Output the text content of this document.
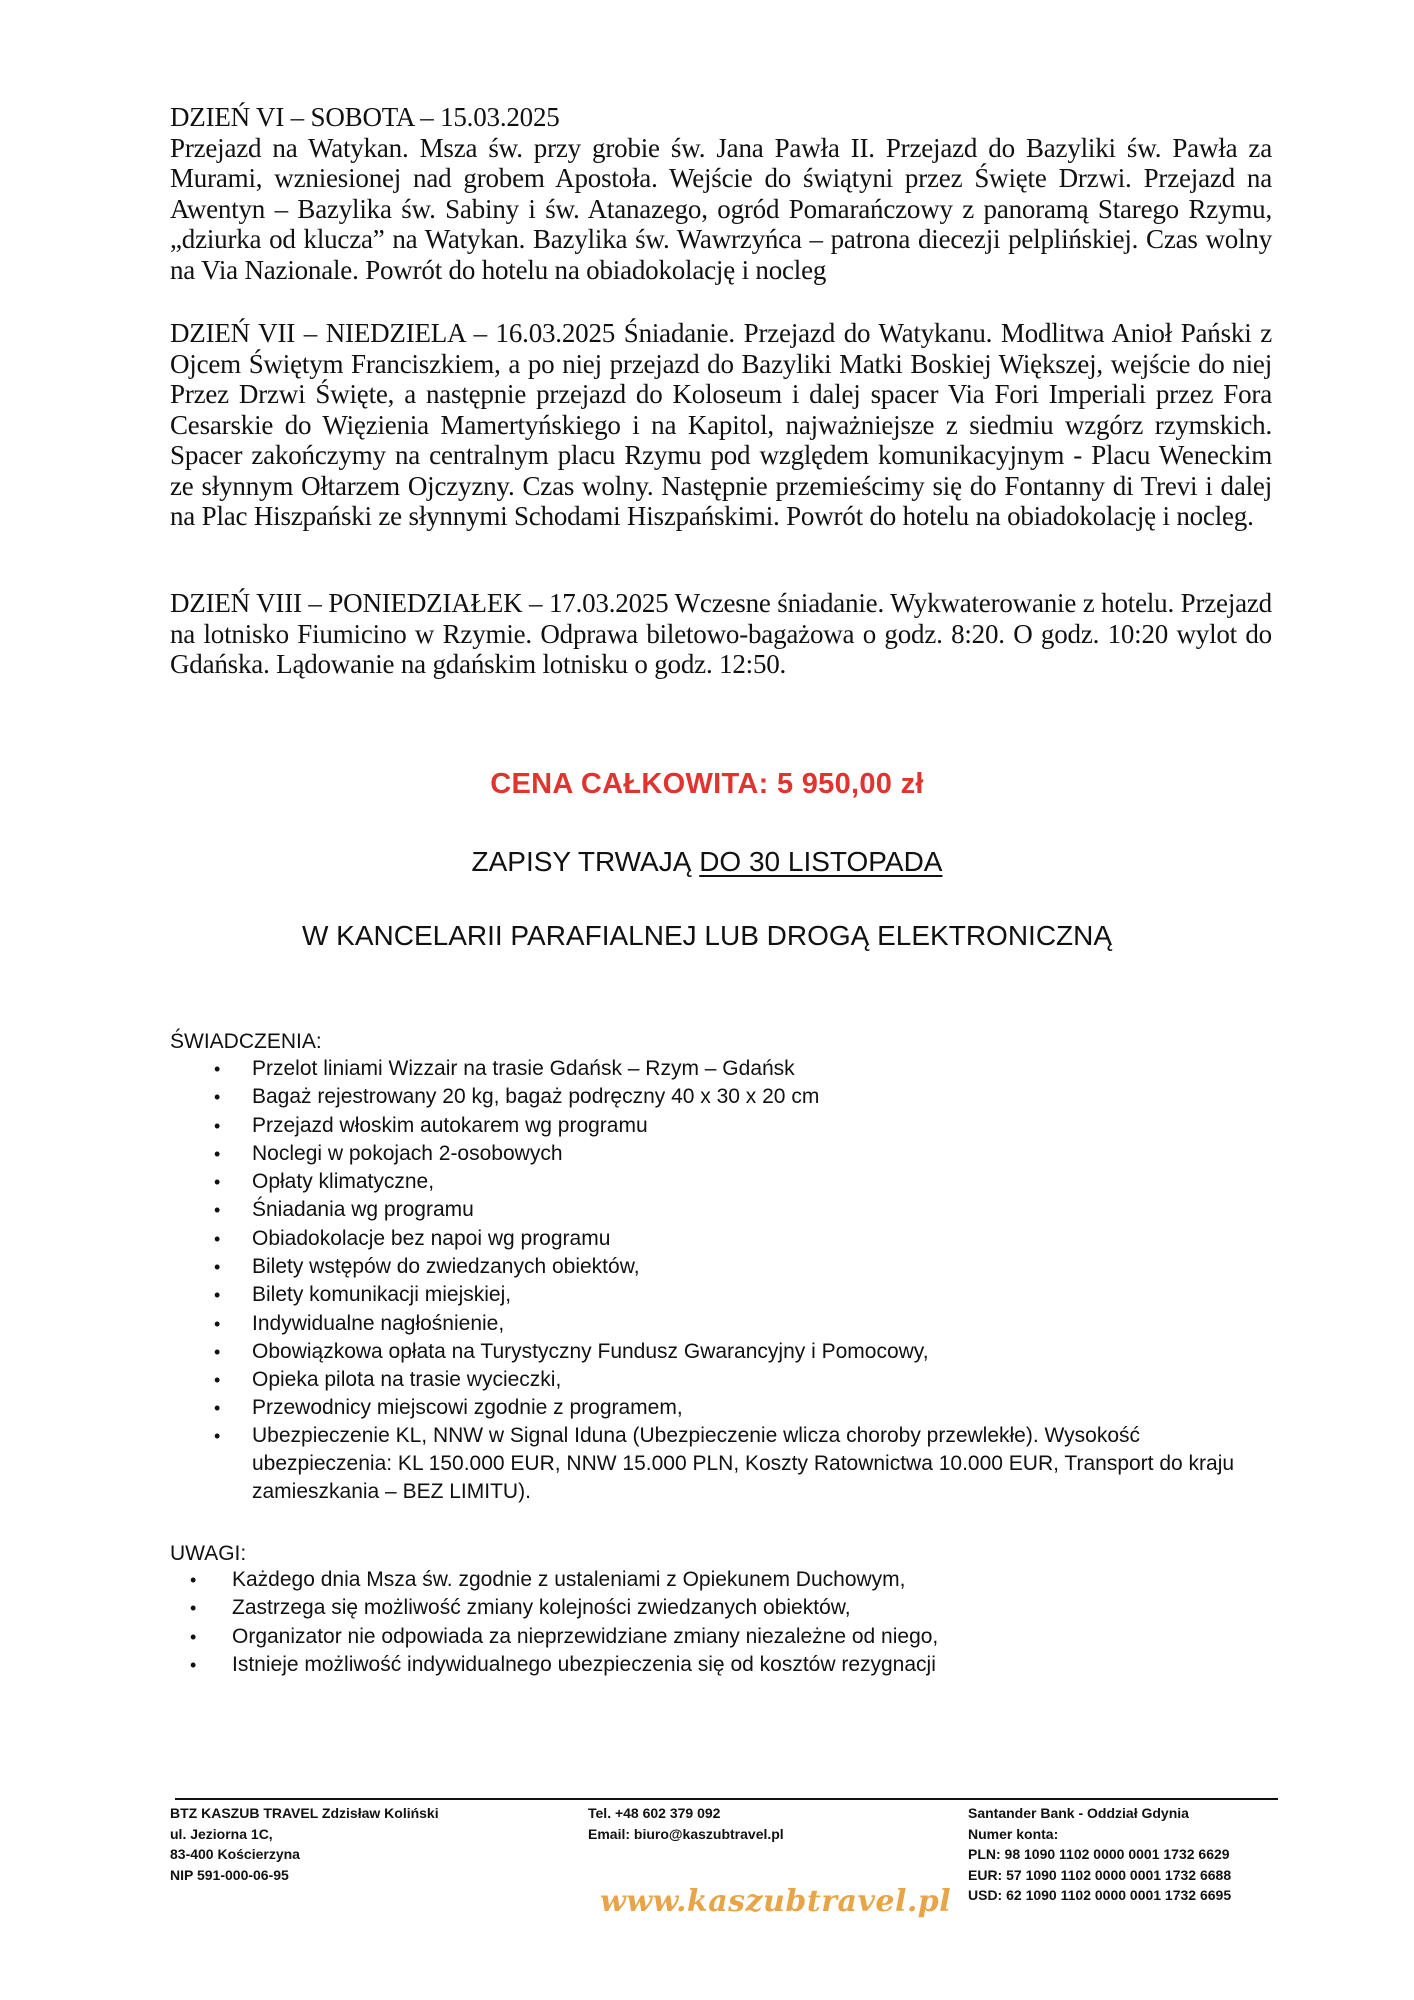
DZIEŃ VI – SOBOTA – 15.03.2025
Przejazd na Watykan. Msza św. przy grobie św. Jana Pawła II. Przejazd do Bazyliki św. Pawła za Murami, wzniesionej nad grobem Apostoła. Wejście do świątyni przez Święte Drzwi. Przejazd na Awentyn – Bazylika św. Sabiny i św. Atanazego, ogród Pomarańczowy z panoramą Starego Rzymu, „dziurka od klucza” na Watykan. Bazylika św. Wawrzyńca – patrona diecezji pelplińskiej. Czas wolny na Via Nazionale. Powrót do hotelu na obiadokolację i nocleg
DZIEŃ VII – NIEDZIELA – 16.03.2025 Śniadanie. Przejazd do Watykanu. Modlitwa Anioł Pański z Ojcem Świętym Franciszkiem, a po niej przejazd do Bazyliki Matki Boskiej Większej, wejście do niej Przez Drzwi Święte, a następnie przejazd do Koloseum i dalej spacer Via Fori Imperiali przez Fora Cesarskie do Więzienia Mamertyńskiego i na Kapitol, najważniejsze z siedmiu wzgórz rzymskich. Spacer zakończymy na centralnym placu Rzymu pod względem komunikacyjnym - Placu Weneckim ze słynnym Ołtarzem Ojczyzny. Czas wolny. Następnie przemieścimy się do Fontanny di Trevi i dalej na Plac Hiszpański ze słynnymi Schodami Hiszpańskimi. Powrót do hotelu na obiadokolację i nocleg.
DZIEŃ VIII – PONIEDZIAŁEK – 17.03.2025 Wczesne śniadanie. Wykwaterowanie z hotelu. Przejazd na lotnisko Fiumicino w Rzymie. Odprawa biletowo-bagażowa o godz. 8:20. O godz. 10:20 wylot do Gdańska. Lądowanie na gdańskim lotnisku o godz. 12:50.
CENA CAŁKOWITA: 5 950,00 zł
ZAPISY TRWAJĄ DO 30 LISTOPADA
W KANCELARII PARAFIALNEJ LUB DROGĄ ELEKTRONICZNĄ
ŚWIADCZENIA:
• Przelot liniami Wizzair na trasie Gdańsk – Rzym – Gdańsk
• Bagaż rejestrowany 20 kg, bagaż podręczny 40 x 30 x 20 cm
• Przejazd włoskim autokarem wg programu
• Noclegi w pokojach 2-osobowych
• Opłaty klimatyczne,
• Śniadania wg programu
• Obiadokolacje bez napoi wg programu
• Bilety wstępów do zwiedzanych obiektów,
• Bilety komunikacji miejskiej,
• Indywidualne nagłośnienie,
• Obowiązkowa opłata na Turystyczny Fundusz Gwarancyjny i Pomocowy,
• Opieka pilota na trasie wycieczki,
• Przewodnicy miejscowi zgodnie z programem,
• Ubezpieczenie KL, NNW w Signal Iduna (Ubezpieczenie wlicza choroby przewlekłe). Wysokość ubezpieczenia: KL 150.000 EUR, NNW 15.000 PLN, Koszty Ratownictwa 10.000 EUR, Transport do kraju zamieszkania – BEZ LIMITU).
UWAGI:
• Każdego dnia Msza św. zgodnie z ustaleniami z Opiekunem Duchowym,
• Zastrzega się możliwość zmiany kolejności zwiedzanych obiektów,
• Organizator nie odpowiada za nieprzewidziane zmiany niezależne od niego,
• Istnieje możliwość indywidualnego ubezpieczenia się od kosztów rezygnacji
BTZ KASZUB TRAVEL Zdzisław Koliński
ul. Jeziorna 1C,
83-400 Kościerzyna
NIP 591-000-06-95
Tel. +48 602 379 092
Email: biuro@kaszubtravel.pl
Santander Bank - Oddział Gdynia
Numer konta:
PLN: 98 1090 1102 0000 0001 1732 6629
EUR: 57 1090 1102 0000 0001 1732 6688
USD: 62 1090 1102 0000 0001 1732 6695
www.kaszubtravel.pl
